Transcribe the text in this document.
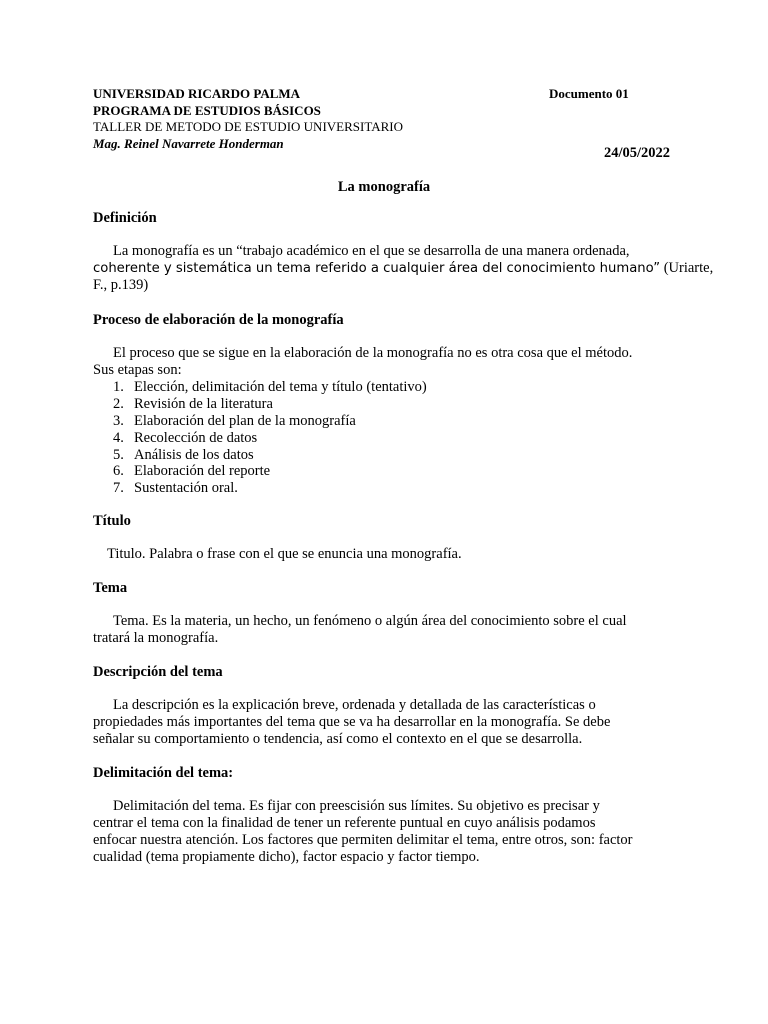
UNIVERSIDAD RICARDO PALMA
PROGRAMA DE ESTUDIOS BÁSICOS
TALLER DE METODO DE ESTUDIO UNIVERSITARIO
Mag. Reinel Navarrete Honderman
Documento 01
24/05/2022
La monografía
Definición
La monografía es un “trabajo académico en el que se desarrolla de una manera ordenada,
coherente y sistemática un tema referido a cualquier área del conocimiento humano” (Uriarte,
F., p.139)
Proceso de elaboración de la monografía
El proceso que se sigue en la elaboración de la monografía no es otra cosa que el método.
Sus etapas son:
1. Elección, delimitación del tema y título (tentativo)
2. Revisión de la literatura
3. Elaboración del plan de la monografía
4. Recolección de datos
5. Análisis de los datos
6. Elaboración del reporte
7. Sustentación oral.
Título
Titulo. Palabra o frase con el que se enuncia una monografía.
Tema
Tema. Es la materia, un hecho, un fenómeno o algún área del conocimiento sobre el cual
tratará la monografía.
Descripción del tema
La descripción es la explicación breve, ordenada y detallada de las características o
propiedades más importantes del tema que se va ha desarrollar en la monografía. Se debe
señalar su comportamiento o tendencia, así como el contexto en el que se desarrolla.
Delimitación del tema:
Delimitación del tema. Es fijar con preescisión sus límites. Su objetivo es precisar y
centrar el tema con la finalidad de tener un referente puntual en cuyo análisis podamos
enfocar nuestra atención. Los factores que permiten delimitar el tema, entre otros, son: factor
cualidad (tema propiamente dicho), factor espacio y factor tiempo.
